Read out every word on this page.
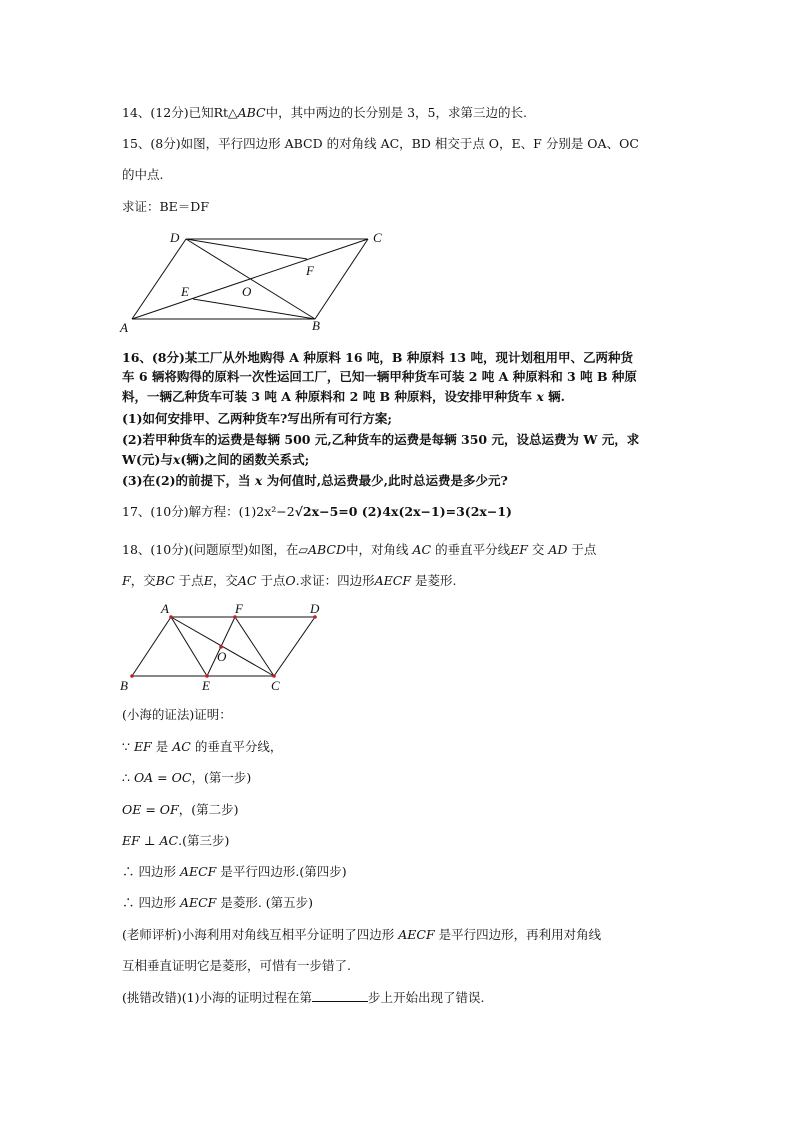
14、(12分)已知Rt△ABC中，其中两边的长分别是 3，5，求第三边的长.
15、(8分)如图，平行四边形 ABCD 的对角线 AC，BD 相交于点 O，E、F 分别是 OA、OC
的中点.
求证：BE＝DF
D	C
F
E	O
A	B
16、(8分)某工厂从外地购得 A 种原料 16 吨，B 种原料 13 吨，现计划租用甲、乙两种货
车 6 辆将购得的原料一次性运回工厂，已知一辆甲种货车可装 2 吨 A 种原料和 3 吨 B 种原
料，一辆乙种货车可装 3 吨 A 种原料和 2 吨 B 种原料，设安排甲种货车 x 辆.
(1)如何安排甲、乙两种货车?写出所有可行方案;
(2)若甲种货车的运费是每辆 500 元,乙种货车的运费是每辆 350 元，设总运费为 W 元，求
W(元)与x(辆)之间的函数关系式;
(3)在(2)的前提下，当 x 为何值时,总运费最少,此时总运费是多少元?
17、(10分)解方程：(1)2x²−2√2x−5=0 (2)4x(2x−1)=3(2x−1)
18、(10分)(问题原型)如图，在▱ABCD中，对角线 AC 的垂直平分线EF 交 AD 于点
F，交BC 于点E，交AC 于点O.求证：四边形AECF 是菱形.
A	F	D
O
B	E	C
(小海的证法)证明：
∵ EF 是 AC 的垂直平分线，
∴ OA = OC，(第一步)
OE = OF，(第二步)
EF ⊥ AC.(第三步)
∴ 四边形 AECF 是平行四边形.(第四步)
∴ 四边形 AECF 是菱形. (第五步)
(老师评析)小海利用对角线互相平分证明了四边形 AECF 是平行四边形，再利用对角线
互相垂直证明它是菱形，可惜有一步错了.
(挑错改错)(1)小海的证明过程在第	步上开始出现了错误.
